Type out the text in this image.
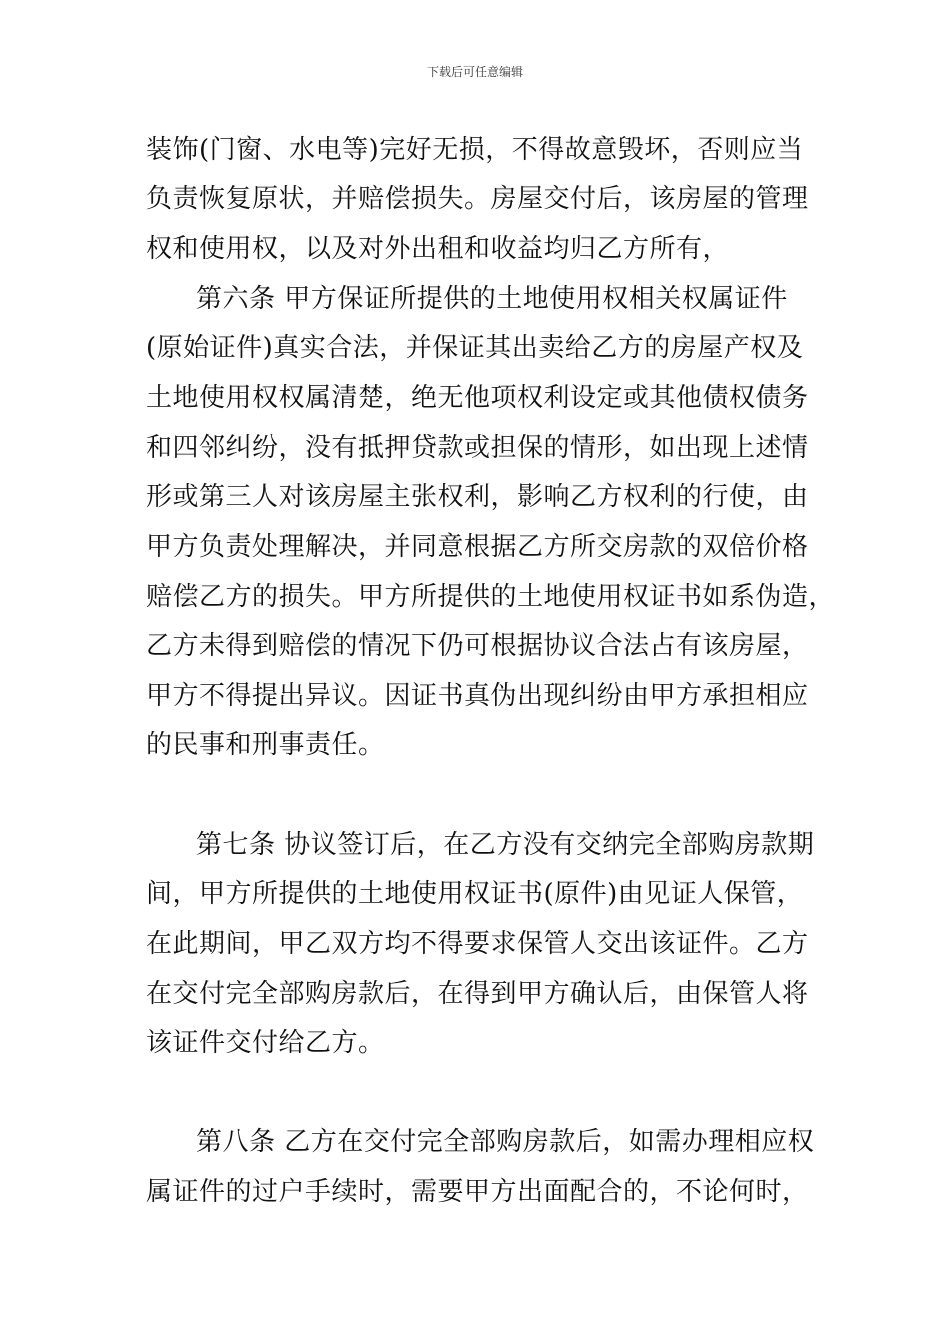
下载后可任意编辑
装饰(门窗、水电等)完好无损，不得故意毁坏，否则应当
负责恢复原状，并赔偿损失。房屋交付后，该房屋的管理
权和使用权，以及对外出租和收益均归乙方所有，
第六条 甲方保证所提供的土地使用权相关权属证件
(原始证件)真实合法，并保证其出卖给乙方的房屋产权及
土地使用权权属清楚，绝无他项权利设定或其他债权债务
和四邻纠纷，没有抵押贷款或担保的情形，如出现上述情
形或第三人对该房屋主张权利，影响乙方权利的行使，由
甲方负责处理解决，并同意根据乙方所交房款的双倍价格
赔偿乙方的损失。甲方所提供的土地使用权证书如系伪造，
乙方未得到赔偿的情况下仍可根据协议合法占有该房屋，
甲方不得提出异议。因证书真伪出现纠纷由甲方承担相应
的民事和刑事责任。
第七条 协议签订后，在乙方没有交纳完全部购房款期
间，甲方所提供的土地使用权证书(原件)由见证人保管，
在此期间，甲乙双方均不得要求保管人交出该证件。乙方
在交付完全部购房款后，在得到甲方确认后，由保管人将
该证件交付给乙方。
第八条 乙方在交付完全部购房款后，如需办理相应权
属证件的过户手续时，需要甲方出面配合的，不论何时，
